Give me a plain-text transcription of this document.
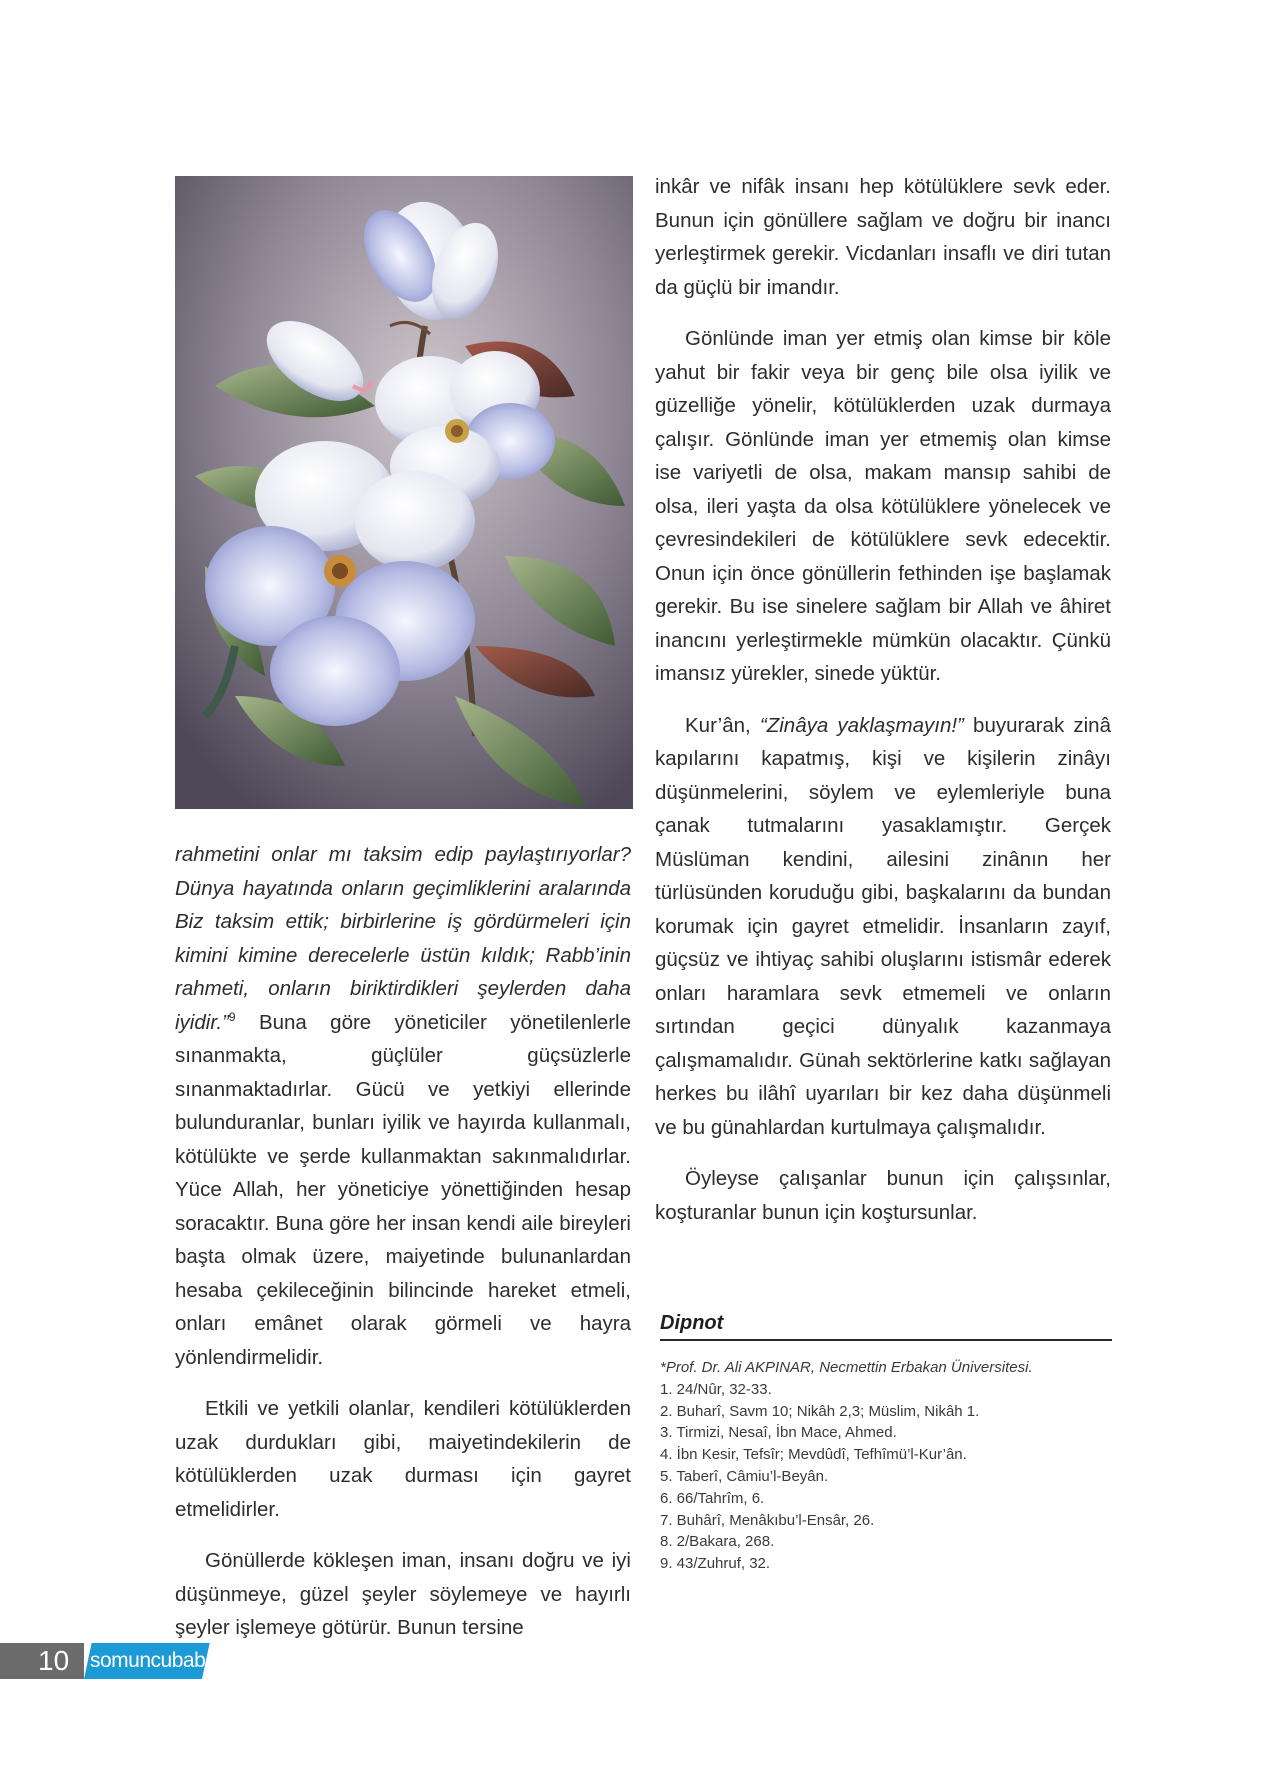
rahmetini onlar mı taksim edip paylaştırıyorlar? Dünya hayatında onların geçimliklerini aralarında Biz taksim ettik; birbirlerine iş gördürmeleri için kimini kimine derecelerle üstün kıldık; Rabb’inin rahmeti, onların biriktirdikleri şeylerden daha iyidir.”$^9$ Buna göre yöneticiler yönetilenlerle sınanmakta, güçlüler güçsüzlerle sınanmaktadırlar. Gücü ve yetkiyi ellerinde bulunduranlar, bunları iyilik ve hayırda kullanmalı, kötülükte ve şerde kullanmaktan sakınmalıdırlar. Yüce Allah, her yöneticiye yönettiğinden hesap soracaktır. Buna göre her insan kendi aile bireyleri başta olmak üzere, maiyetinde bulunanlardan hesaba çekileceğinin bilincinde hareket etmeli, onları emânet olarak görmeli ve hayra yönlendirmelidir.

Etkili ve yetkili olanlar, kendileri kötülüklerden uzak durdukları gibi, maiyetindekilerin de kötülüklerden uzak durması için gayret etmelidirler.

Gönüllerde kökleşen iman, insanı doğru ve iyi düşünmeye, güzel şeyler söylemeye ve hayırlı şeyler işlemeye götürür. Bunun tersine

inkâr ve nifâk insanı hep kötülüklere sevk eder. Bunun için gönüllere sağlam ve doğru bir inancı yerleştirmek gerekir. Vicdanları insaflı ve diri tutan da güçlü bir imandır.

Gönlünde iman yer etmiş olan kimse bir köle yahut bir fakir veya bir genç bile olsa iyilik ve güzelliğe yönelir, kötülüklerden uzak durmaya çalışır. Gönlünde iman yer etmemiş olan kimse ise variyetli de olsa, makam mansıp sahibi de olsa, ileri yaşta da olsa kötülüklere yönelecek ve çevresindekileri de kötülüklere sevk edecektir. Onun için önce gönüllerin fethinden işe başlamak gerekir. Bu ise sinelere sağlam bir Allah ve âhiret inancını yerleştirmekle mümkün olacaktır. Çünkü imansız yürekler, sinede yüktür.

Kur’ân, “Zinâya yaklaşmayın!” buyurarak zinâ kapılarını kapatmış, kişi ve kişilerin zinâyı düşünmelerini, söylem ve eylemleriyle buna çanak tutmalarını yasaklamıştır. Gerçek Müslüman kendini, ailesini zinânın her türlüsünden koruduğu gibi, başkalarını da bundan korumak için gayret etmelidir. İnsanların zayıf, güçsüz ve ihtiyaç sahibi oluşlarını istismâr ederek onları haramlara sevk etmemeli ve onların sırtından geçici dünyalık kazanmaya çalışmamalıdır. Günah sektörlerine katkı sağlayan herkes bu ilâhî uyarıları bir kez daha düşünmeli ve bu günahlardan kurtulmaya çalışmalıdır.

Öyleyse çalışanlar bunun için çalışsınlar, koşturanlar bunun için koştursunlar.

Dipnot
*Prof. Dr. Ali AKPINAR, Necmettin Erbakan Üniversitesi.
1. 24/Nûr, 32-33.
2. Buharî, Savm 10; Nikâh 2,3; Müslim, Nikâh 1.
3. Tirmizi, Nesaî, İbn Mace, Ahmed.
4. İbn Kesir, Tefsîr; Mevdûdî, Tefhîmü’l-Kur’ân.
5. Taberî, Câmiu’l-Beyân.
6. 66/Tahrîm, 6.
7. Buhârî, Menâkıbu’l-Ensâr, 26.
8. 2/Bakara, 268.
9. 43/Zuhruf, 32.
10 somuncubaba
